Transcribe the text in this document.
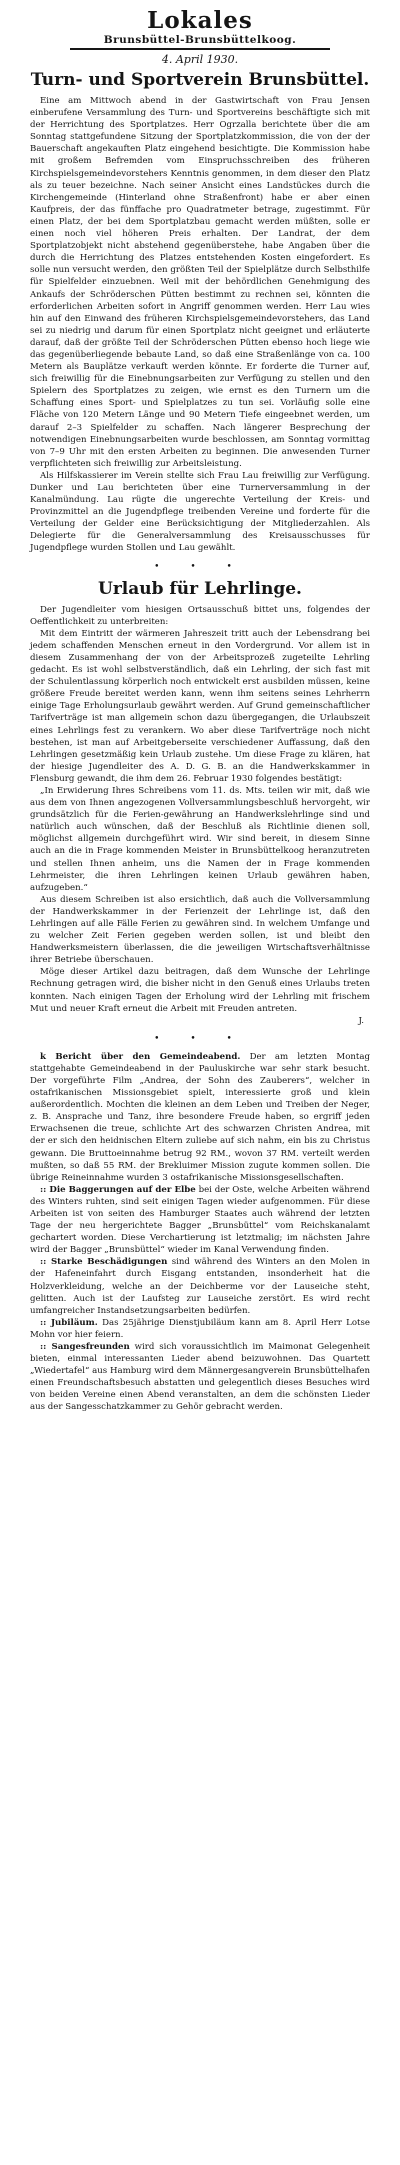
Lokales
Brunsbüttel-Brunsbüttelkoog.
4. April 1930.
Turn- und Sportverein Brunsbüttel.

Eine am Mittwoch abend in der Gastwirtschaft von Frau Jensen einberufene Versammlung des Turn- und Sportvereins beschäftigte sich mit der Herrichtung des Sportplatzes. Herr Ogrzalla berichtete über die am Sonntag stattgefundene Sitzung der Sportplatzkommission, die von der der Bauerschaft angekauften Platz eingehend besichtigte. Die Kommission habe mit großem Befremden vom Einspruchsschreiben des früheren Kirchspielsgemeindevorstehers Kenntnis genommen, in dem dieser den Platz als zu teuer bezeichne. Nach seiner Ansicht eines Landstückes durch die Kirchengemeinde (Hinterland ohne Straßenfront) habe er aber einen Kaufpreis, der das fünffache pro Quadratmeter betrage, zugestimmt. Für einen Platz, der bei dem Sportplatzbau gemacht werden müßten, solle er einen noch viel höheren Preis erhalten. Der Landrat, der dem Sportplatzobjekt nicht abstehend gegenüberstehe, habe Angaben über die durch die Herrichtung des Platzes entstehenden Kosten eingefordert. Es solle nun versucht werden, den größten Teil der Spielplätze durch Selbsthilfe für Spielfelder einzuebnen. Weil mit der behördlichen Genehmigung des Ankaufs der Schröderschen Pütten bestimmt zu rechnen sei, könnten die erforderlichen Arbeiten sofort in Angriff genommen werden. Herr Lau wies hin auf den Einwand des früheren Kirchspielsgemeindevorstehers, das Land sei zu niedrig und darum für einen Sportplatz nicht geeignet und erläuterte darauf, daß der größte Teil der Schröderschen Pütten ebenso hoch liege wie das gegenüberliegende bebaute Land, so daß eine Straßenlänge von ca. 100 Metern als Bauplätze verkauft werden könnte. Er forderte die Turner auf, sich freiwillig für die Einebnungsarbeiten zur Verfügung zu stellen und den Spielern des Sportplatzes zu zeigen, wie ernst es den Turnern um die Schaffung eines Sport- und Spielplatzes zu tun sei. Vorläufig solle eine Fläche von 120 Metern Länge und 90 Metern Tiefe eingeebnet werden, um darauf 2–3 Spielfelder zu schaffen. Nach längerer Besprechung der notwendigen Einebnungsarbeiten wurde beschlossen, am Sonntag vormittag von 7–9 Uhr mit den ersten Arbeiten zu beginnen. Die anwesenden Turner verpflichteten sich freiwillig zur Arbeitsleistung.

Als Hilfskassierer im Verein stellte sich Frau Lau freiwillig zur Verfügung. Dunker und Lau berichteten über eine Turnerversammlung in der Kanalmündung. Lau rügte die ungerechte Verteilung der Kreis- und Provinzmittel an die Jugendpflege treibenden Vereine und forderte für die Verteilung der Gelder eine Berücksichtigung der Mitgliederzahlen. Als Delegierte für die Generalversammlung des Kreisausschusses für Jugendpflege wurden Stollen und Lau gewählt.

• • •
Urlaub für Lehrlinge.

Der Jugendleiter vom hiesigen Ortsausschuß bittet uns, folgendes der Oeffentlichkeit zu unterbreiten:

Mit dem Eintritt der wärmeren Jahreszeit tritt auch der Lebensdrang bei jedem schaffenden Menschen erneut in den Vordergrund. Vor allem ist in diesem Zusammenhang der von der Arbeitsprozeß zugeteilte Lehrling gedacht. Es ist wohl selbstverständlich, daß ein Lehrling, der sich fast mit der Schulentlassung körperlich noch entwickelt erst ausbilden müssen, keine größere Freude bereitet werden kann, wenn ihm seitens seines Lehrherrn einige Tage Erholungsurlaub gewährt werden. Auf Grund gemeinschaftlicher Tarifverträge ist man allgemein schon dazu übergegangen, die Urlaubszeit eines Lehrlings fest zu verankern. Wo aber diese Tarifverträge noch nicht bestehen, ist man auf Arbeitgeberseite verschiedener Auffassung, daß den Lehrlingen gesetzmäßig kein Urlaub zustehe. Um diese Frage zu klären, hat der hiesige Jugendleiter des A. D. G. B. an die Handwerkskammer in Flensburg gewandt, die ihm dem 26. Februar 1930 folgendes bestätigt:

„In Erwiderung Ihres Schreibens vom 11. ds. Mts. teilen wir mit, daß wie aus dem von Ihnen angezogenen Vollversammlungsbeschluß hervorgeht, wir grundsätzlich für die Ferien-gewährung an Handwerkslehrlinge sind und natürlich auch wünschen, daß der Beschluß als Richtlinie dienen soll, möglichst allgemein durchgeführt wird. Wir sind bereit, in diesem Sinne auch an die in Frage kommenden Meister in Brunsbüttelkoog heranzutreten und stellen Ihnen anheim, uns die Namen der in Frage kommenden Lehrmeister, die ihren Lehrlingen keinen Urlaub gewähren haben, aufzugeben.“

Aus diesem Schreiben ist also ersichtlich, daß auch die Vollversammlung der Handwerkskammer in der Ferienzeit der Lehrlinge ist, daß den Lehrlingen auf alle Fälle Ferien zu gewähren sind. In welchem Umfange und zu welcher Zeit Ferien gegeben werden sollen, ist und bleibt den Handwerksmeistern überlassen, die die jeweiligen Wirtschaftsverhältnisse ihrer Betriebe überschauen.

Möge dieser Artikel dazu beitragen, daß dem Wunsche der Lehrlinge Rechnung getragen wird, die bisher nicht in den Genuß eines Urlaubs treten konnten. Nach einigen Tagen der Erholung wird der Lehrling mit frischem Mut und neuer Kraft erneut die Arbeit mit Freuden antreten.

J.
• • •

k Bericht über den Gemeindeabend. Der am letzten Montag stattgehabte Gemeindeabend in der Pauluskirche war sehr stark besucht. Der vorgeführte Film „Andrea, der Sohn des Zauberers“, welcher in ostafrikanischen Missionsgebiet spielt, interessierte groß und klein außerordentlich. Mochten die kleinen an dem Leben und Treiben der Neger, z. B. Ansprache und Tanz, ihre besondere Freude haben, so ergriff jeden Erwachsenen die treue, schlichte Art des schwarzen Christen Andrea, mit der er sich den heidnischen Eltern zuliebe auf sich nahm, ein bis zu Christus gewann. Die Bruttoeinnahme betrug 92 RM., wovon 37 RM. verteilt werden mußten, so daß 55 RM. der Brekluimer Mission zugute kommen sollen. Die übrige Reineinnahme wurden 3 ostafrikanische Missionsgesellschaften.

:: Die Baggerungen auf der Elbe bei der Oste, welche Arbeiten während des Winters ruhten, sind seit einigen Tagen wieder aufgenommen. Für diese Arbeiten ist von seiten des Hamburger Staates auch während der letzten Tage der neu hergerichtete Bagger „Brunsbüttel“ vom Reichskanalamt gechartert worden. Diese Verchartierung ist letztmalig; im nächsten Jahre wird der Bagger „Brunsbüttel“ wieder im Kanal Verwendung finden.

:: Starke Beschädigungen sind während des Winters an den Molen in der Hafeneinfahrt durch Eisgang entstanden, insonderheit hat die Holzverkleidung, welche an der Deichberme vor der Lauseiche steht, gelitten. Auch ist der Laufsteg zur Lauseiche zerstört. Es wird recht umfangreicher Instandsetzungsarbeiten bedürfen.

:: Jubiläum. Das 25jährige Dienstjubiläum kann am 8. April Herr Lotse Mohn vor hier feiern.

:: Sangesfreunden wird sich voraussichtlich im Maimonat Gelegenheit bieten, einmal interessanten Lieder abend beizuwohnen. Das Quartett „Wiedertafel“ aus Hamburg wird dem Männergesangverein Brunsbüttelhafen einen Freundschaftsbesuch abstatten und gelegentlich dieses Besuches wird von beiden Vereine einen Abend veranstalten, an dem die schönsten Lieder aus der Sangesschatzkammer zu Gehör gebracht werden.
